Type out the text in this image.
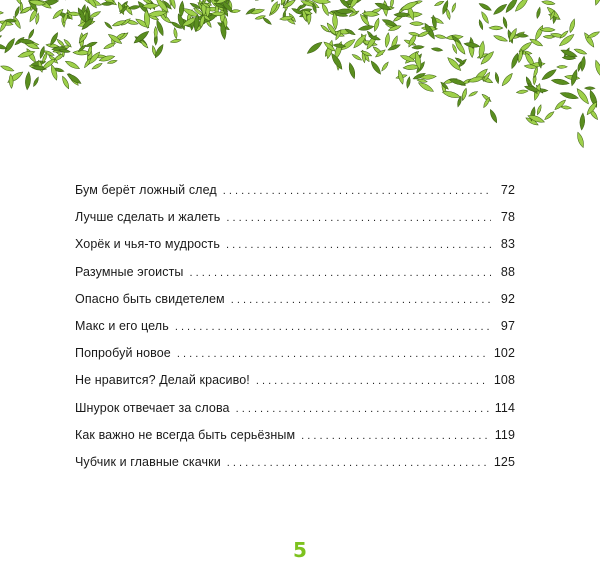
Бум берёт ложный след . . .	72
Лучше сделать и жалеть . . .	78
Хорёк и чья-то мудрость . . .	83
Разумные эгоисты . . .	88
Опасно быть свидетелем . . .	92
Макс и его цель . . .	97
Попробуй новое . . .	102
Не нравится? Делай красиво! . . .	108
Шнурок отвечает за слова . . .	114
Как важно не всегда быть серьёзным . . .	119
Чубчик и главные скачки . . .	125
5
